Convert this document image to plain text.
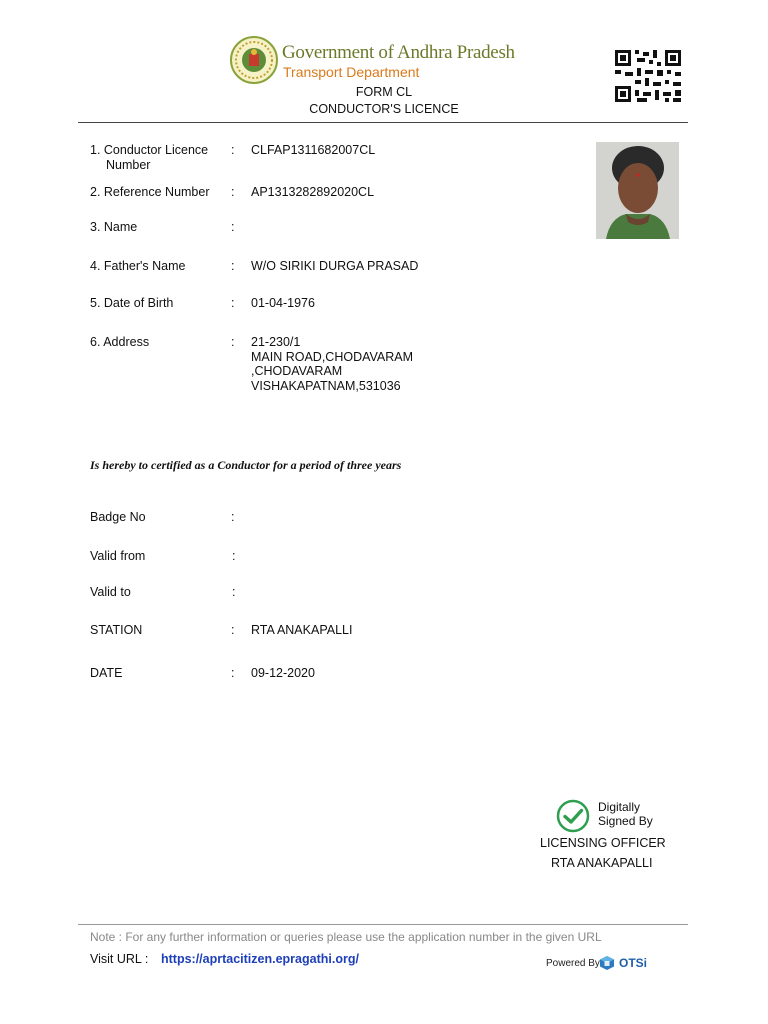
Government of Andhra Pradesh
Transport Department
FORM CL
CONDUCTOR'S LICENCE
1. Conductor Licence
Number
: CLFAP1311682007CL
2. Reference Number : AP1313282892020CL
3. Name	:
4. Father's Name	: W/O SIRIKI DURGA PRASAD
5. Date of Birth	: 01-04-1976
6. Address	: 21-230/1
MAIN ROAD,CHODAVARAM
,CHODAVARAM
VISHAKAPATNAM,531036
Is hereby to certified as a Conductor for a period of three years
Badge No	:
Valid from	:
Valid to	:
STATION	: RTA ANAKAPALLI
DATE	: 09-12-2020
Digitally
Signed By
LICENSING OFFICER
RTA ANAKAPALLI
Note : For any further information or queries please use the application number in the given URL
Visit URL : https://aprtacitizen.epragathi.org/	Powered By OTSi
